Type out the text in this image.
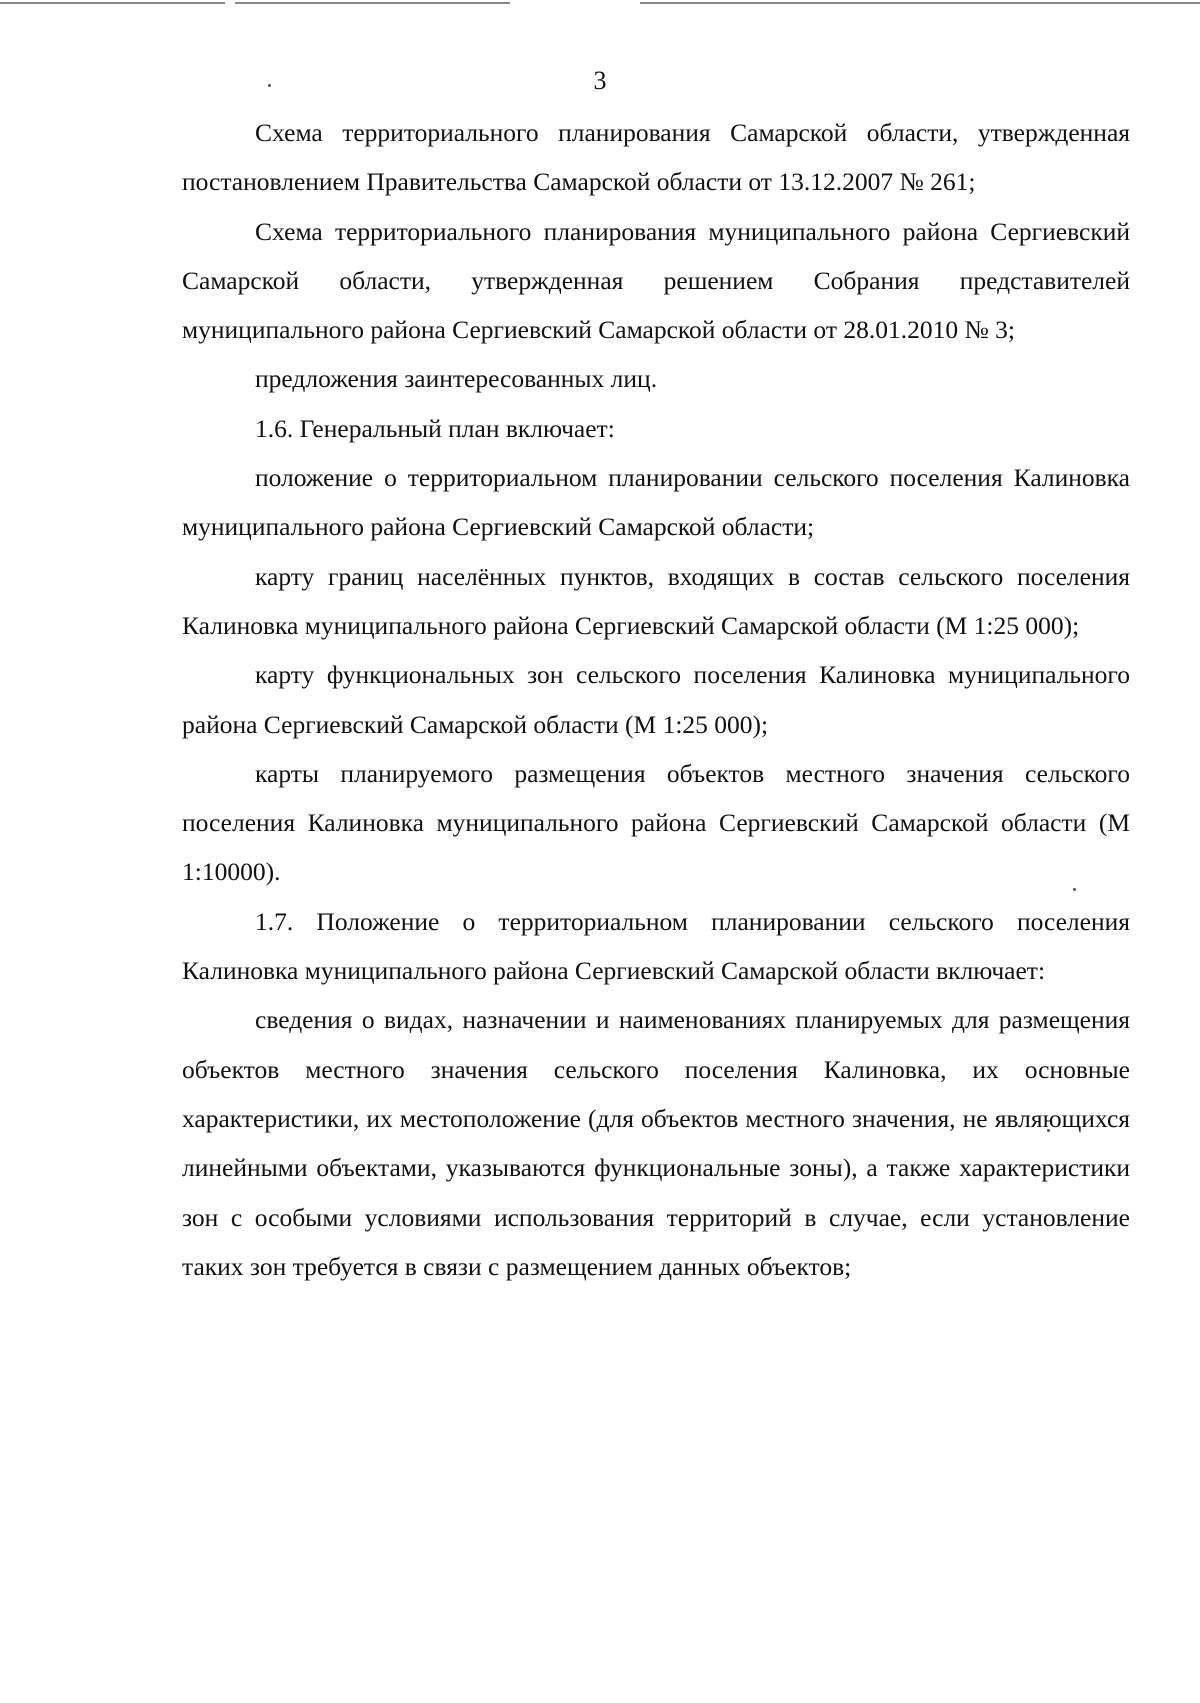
3

Схема территориального планирования Самарской области, утвержденная постановлением Правительства Самарской области от 13.12.2007 № 261;

Схема территориального планирования муниципального района Сергиевский Самарской области, утвержденная решением Собрания представителей муниципального района Сергиевский Самарской области от 28.01.2010 № 3;

предложения заинтересованных лиц.

1.6. Генеральный план включает:

положение о территориальном планировании сельского поселения Калиновка муниципального района Сергиевский Самарской области;

карту границ населённых пунктов, входящих в состав сельского поселения Калиновка муниципального района Сергиевский Самарской области (М 1:25 000);

карту функциональных зон сельского поселения Калиновка муниципального района Сергиевский Самарской области (М 1:25 000);

карты планируемого размещения объектов местного значения сельского поселения Калиновка муниципального района Сергиевский Самарской области (М 1:10000).

1.7. Положение о территориальном планировании сельского поселения Калиновка муниципального района Сергиевский Самарской области включает:

сведения о видах, назначении и наименованиях планируемых для размещения объектов местного значения сельского поселения Калиновка, их основные характеристики, их местоположение (для объектов местного значения, не являющихся линейными объектами, указываются функциональные зоны), а также характеристики зон с особыми условиями использования территорий в случае, если установление таких зон требуется в связи с размещением данных объектов;
